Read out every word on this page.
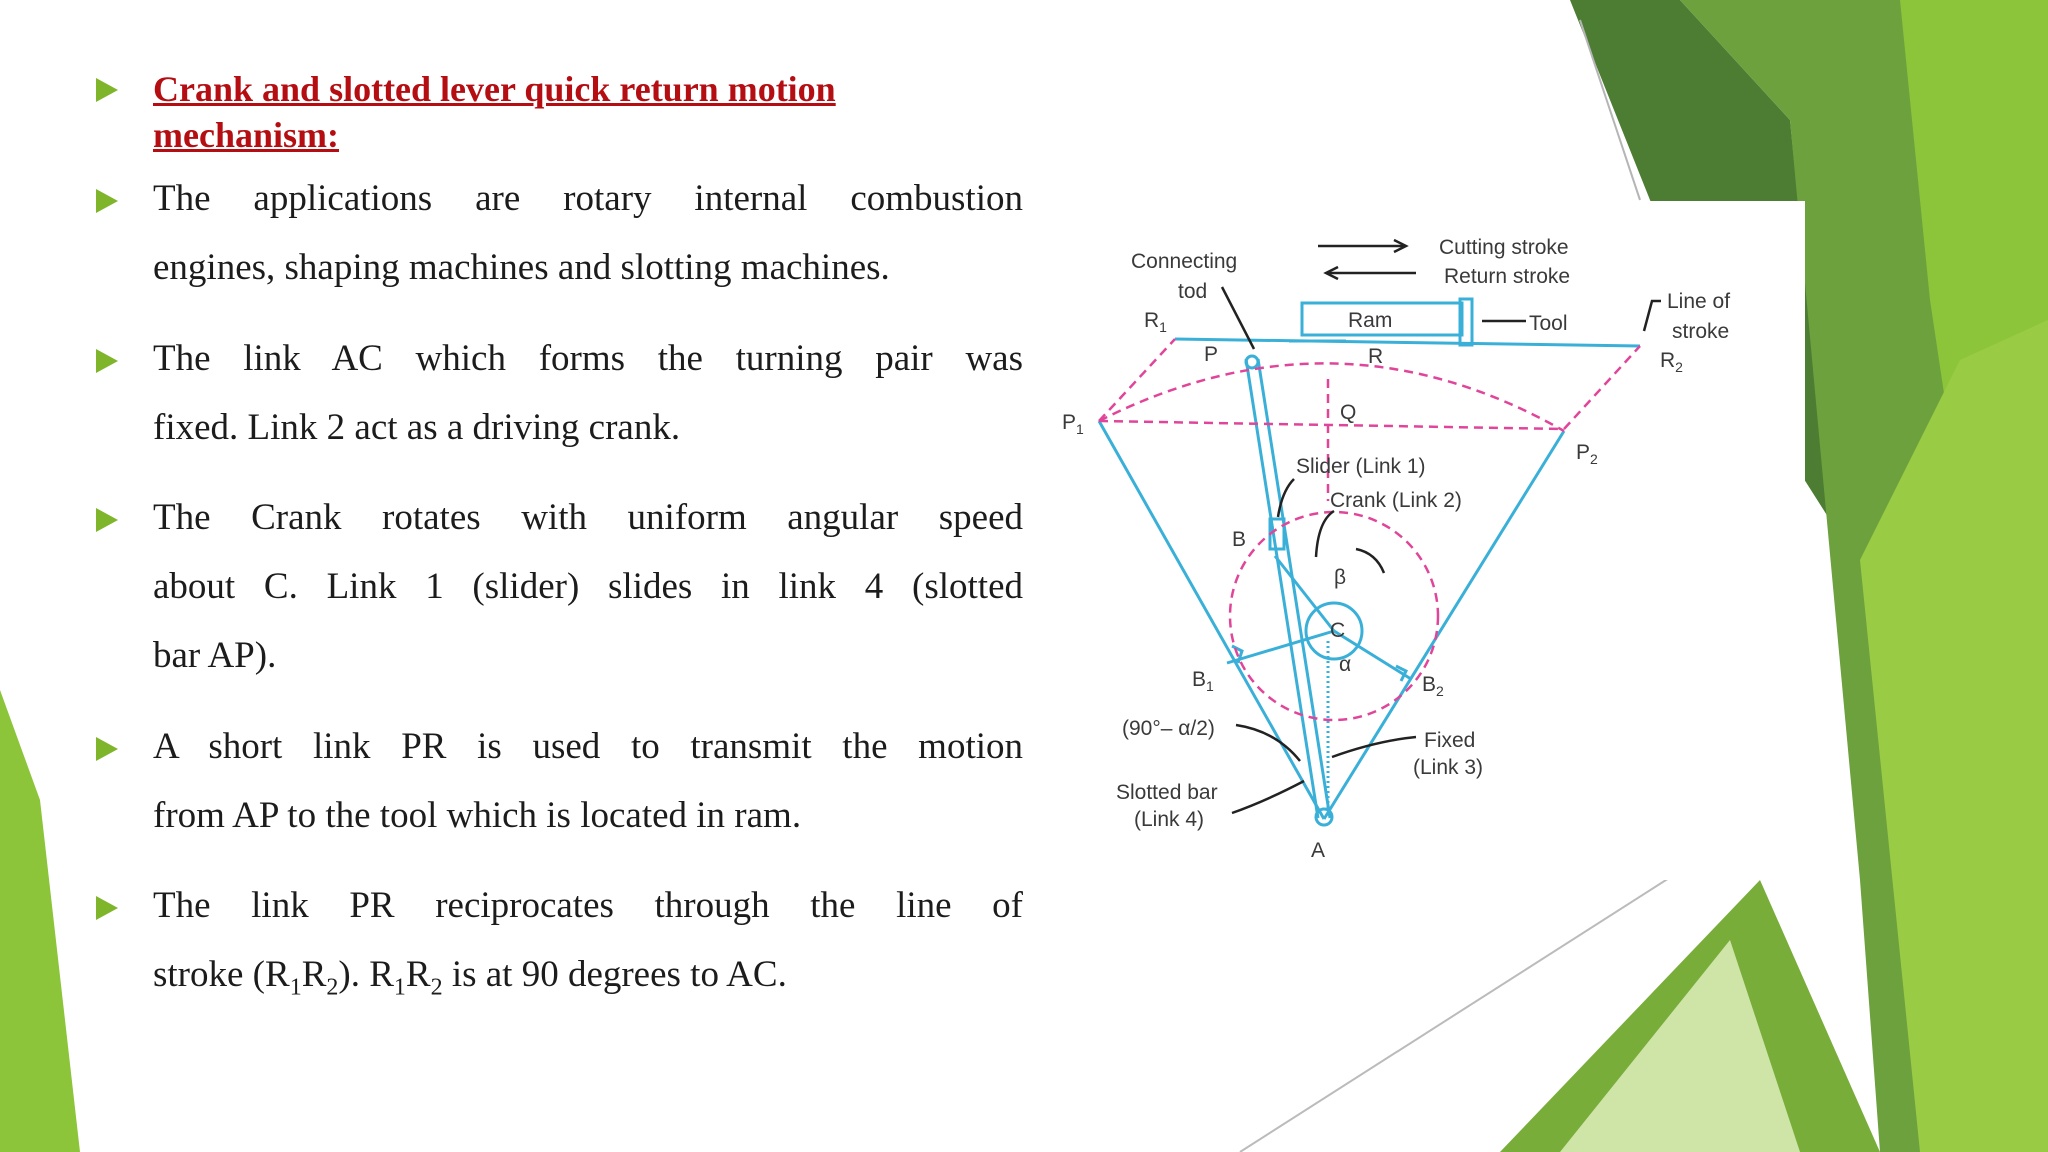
Crank and slotted lever quick return motion
mechanism:
The applications are rotary internal combustion
engines, shaping machines and slotting machines.
The link AC which forms the turning pair was
fixed. Link 2 act as a driving crank.
The Crank rotates with uniform angular speed
about C. Link 1 (slider) slides in link 4 (slotted
bar AP).
A short link PR is used to transmit the motion
from AP to the tool which is located in ram.
The link PR reciprocates through the line of
stroke $(R_1R_2)$. $R_1R_2$ is at 90 degrees to AC.
Connecting
tod
Cutting stroke
Return stroke
Ram	Tool
Line of
stroke
$R_1$
$R_2$
P	R
Q
$P_1$
$P_2$
Slider (Link 1)
Crank (Link 2)
B
β
C
α
$B_1$	$B_2$
(90°– α/2)
Fixed
(Link 3)
Slotted bar
(Link 4)
A
